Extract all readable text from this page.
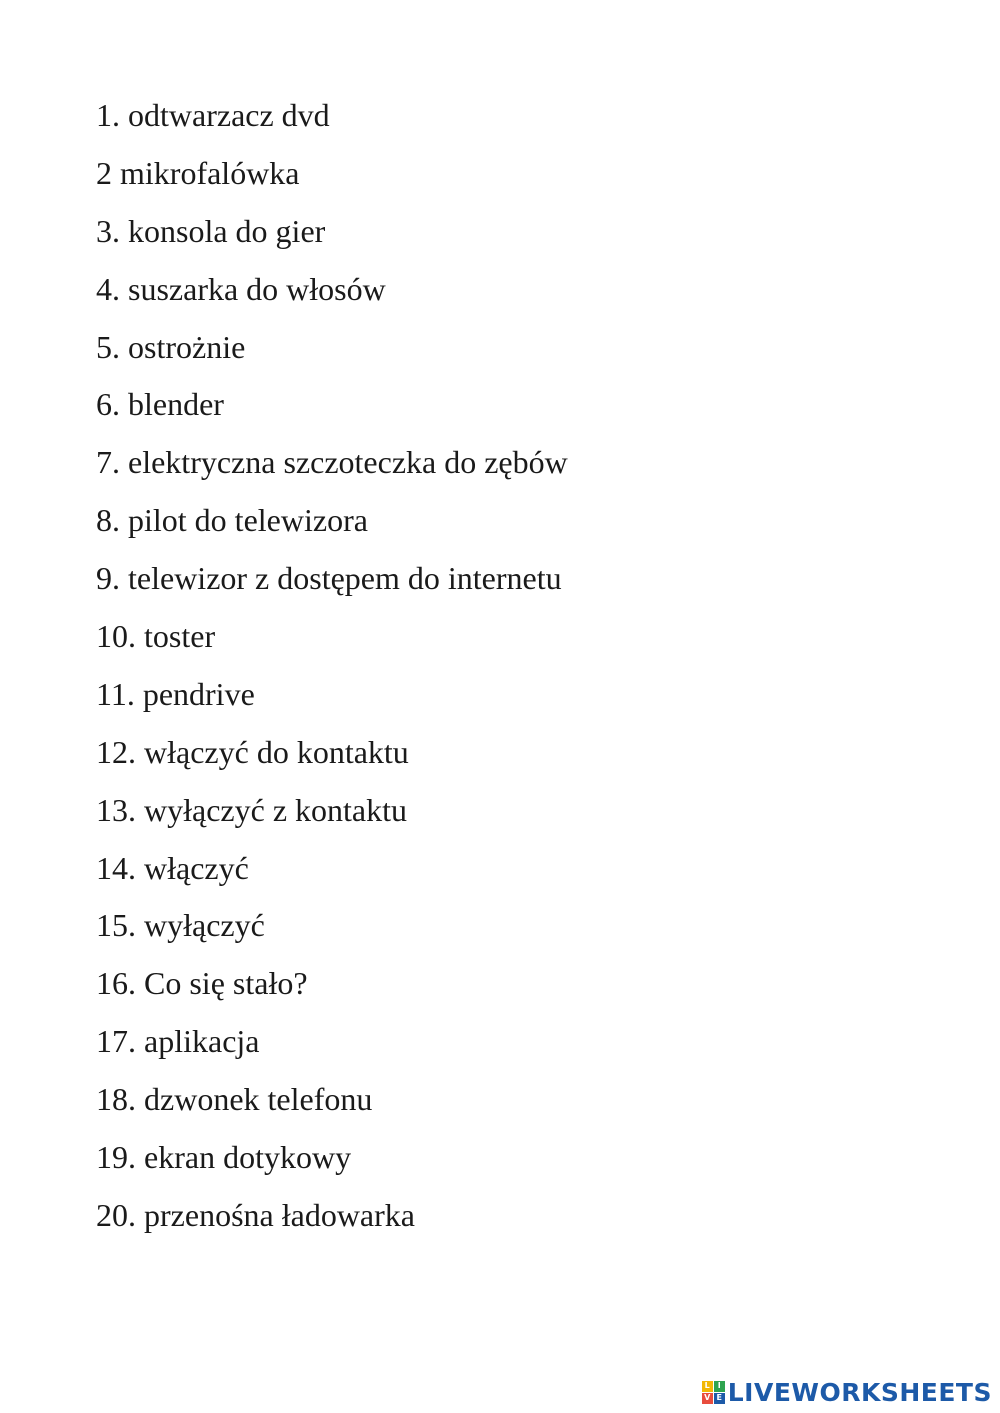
1. odtwarzacz dvd
2 mikrofalówka
3. konsola do gier
4. suszarka do włosów
5. ostrożnie
6. blender
7. elektryczna szczoteczka do zębów
8. pilot do telewizora
9. telewizor z dostępem do internetu
10. toster
11. pendrive
12. włączyć do kontaktu
13. wyłączyć z kontaktu
14. włączyć
15. wyłączyć
16. Co się stało?
17. aplikacja
18. dzwonek telefonu
19. ekran dotykowy
20. przenośna ładowarka
L I
V E LIVEWORKSHEETS
